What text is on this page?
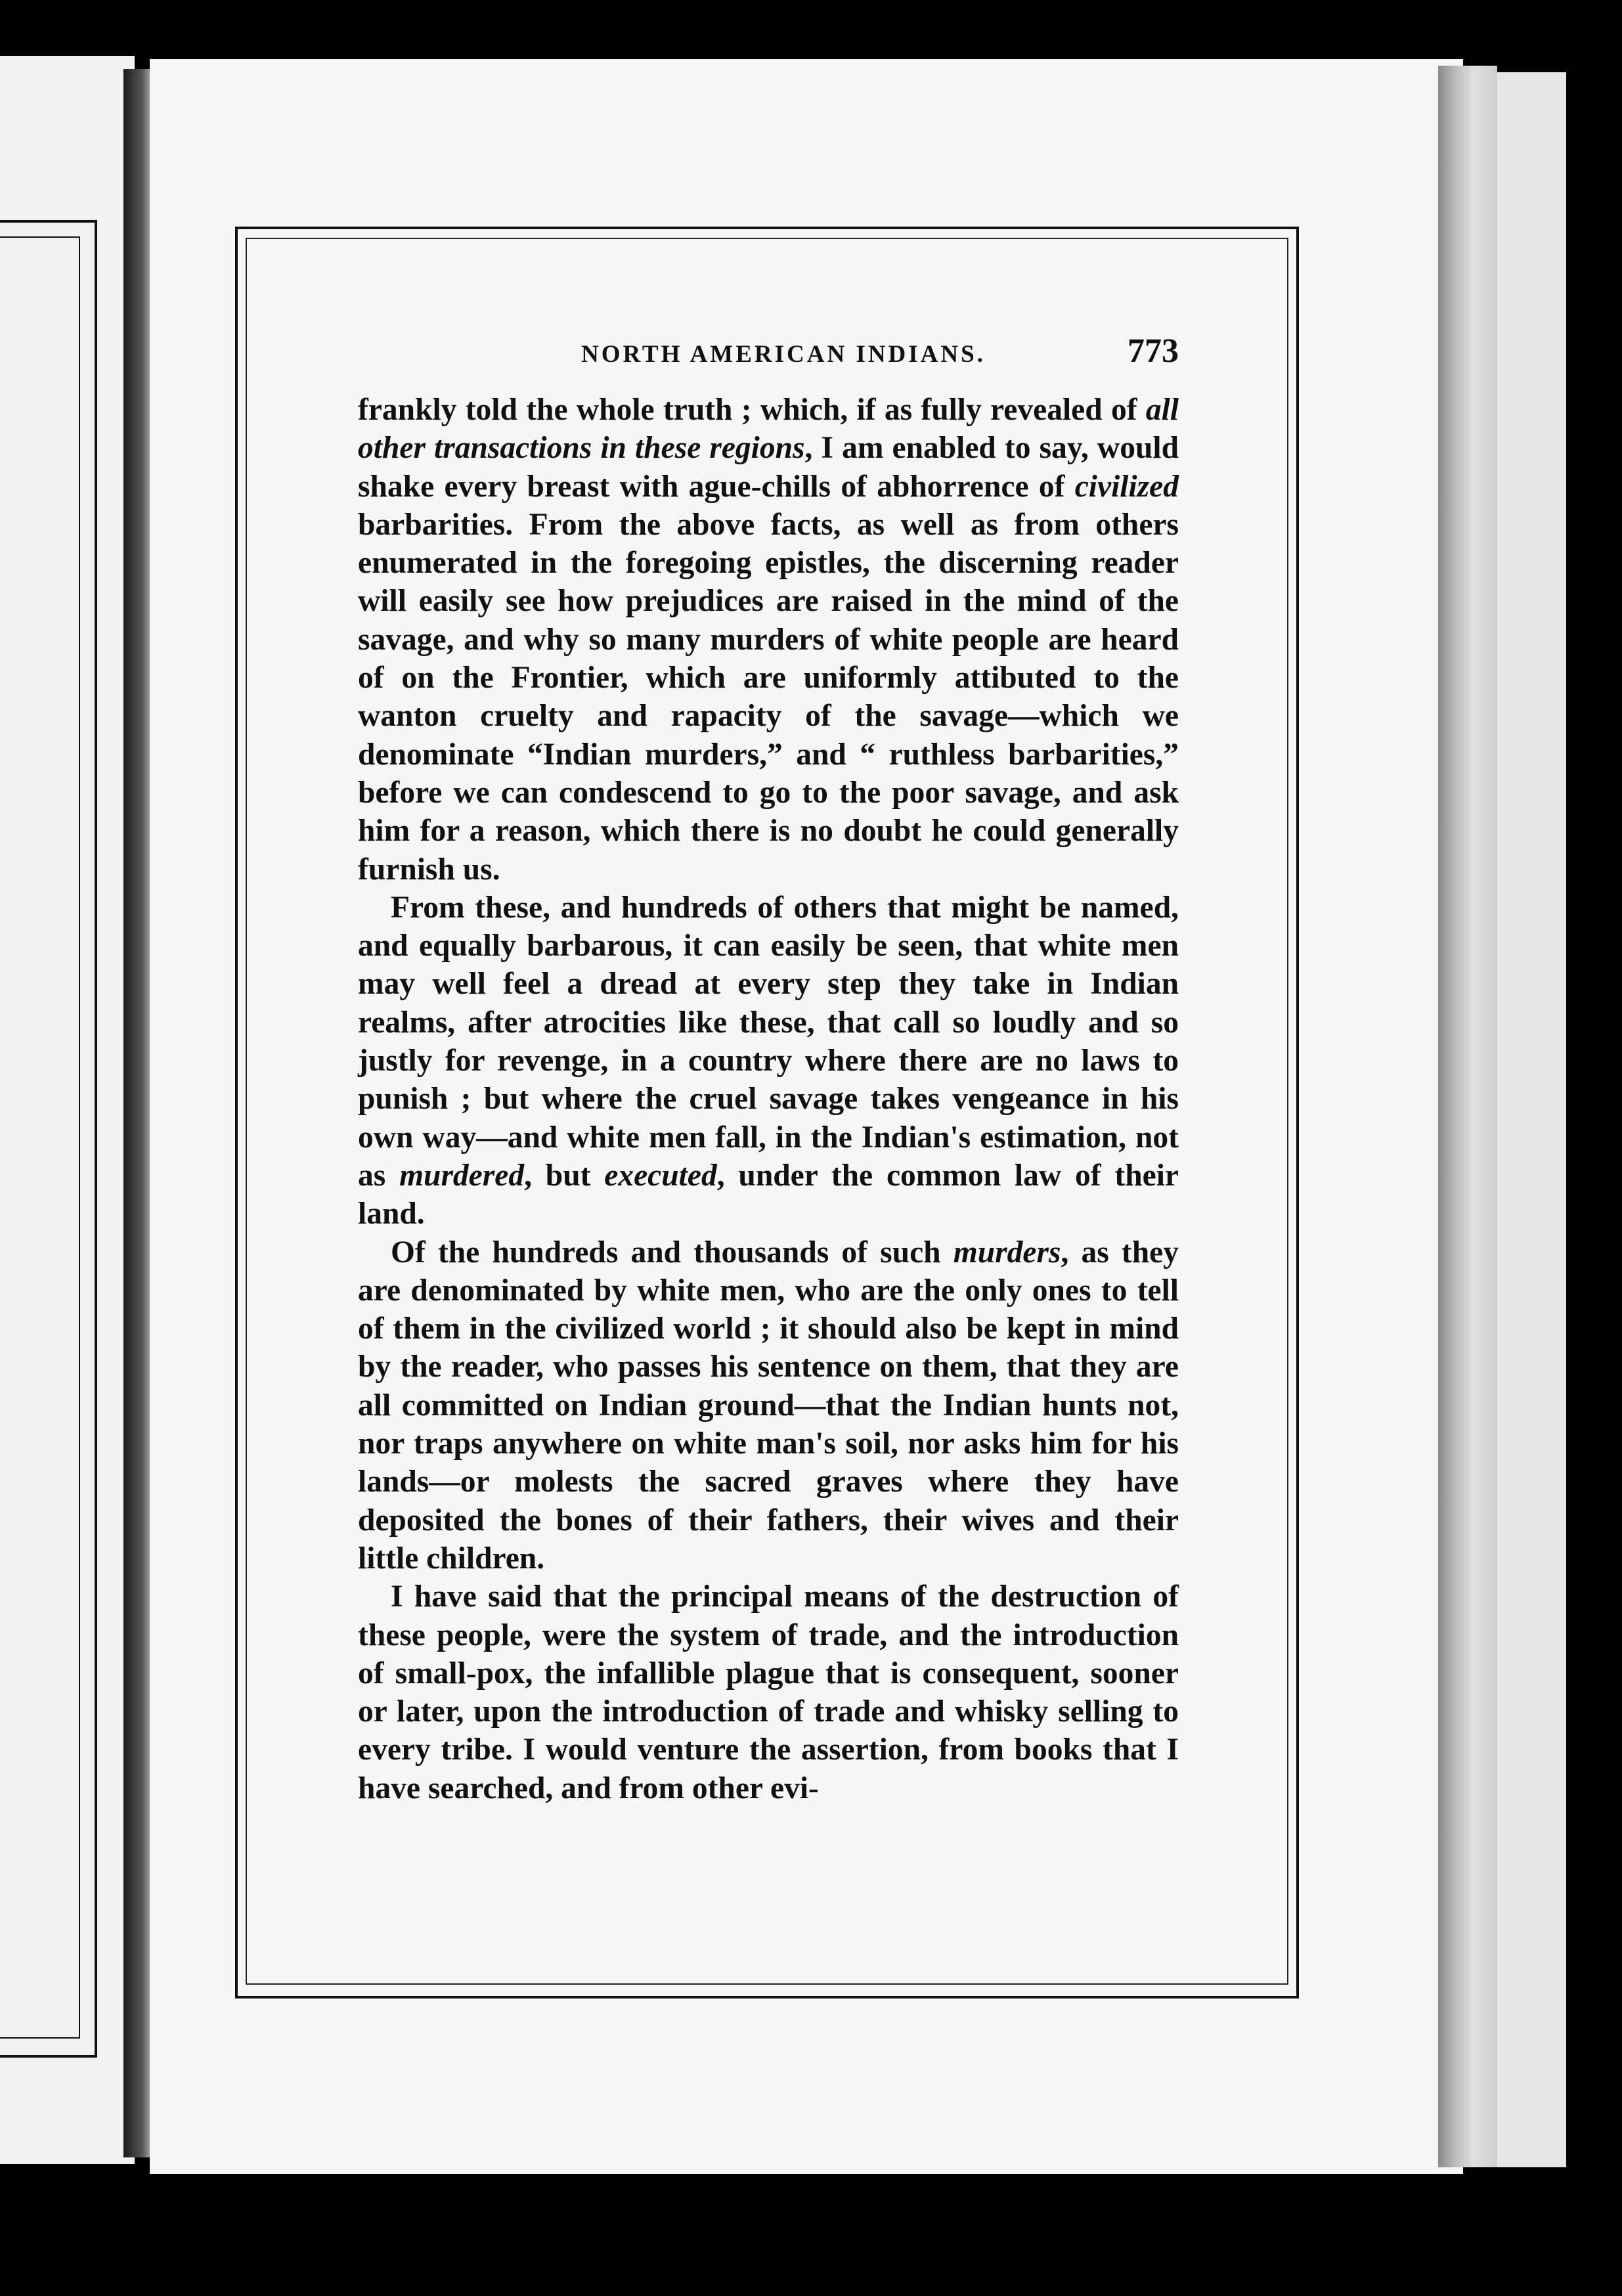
NORTH AMERICAN INDIANS.	773

frankly told the whole truth ; which, if as fully revealed of all other transactions in these regions, I am enabled to say, would shake every breast with ague-chills of abhorrence of civilized barbarities. From the above facts, as well as from others enumerated in the foregoing epistles, the discerning reader will easily see how prejudices are raised in the mind of the savage, and why so many murders of white people are heard of on the Frontier, which are uniformly attibuted to the wanton cruelty and rapacity of the savage—which we denominate “Indian murders,” and “ ruthless barbarities,” before we can condescend to go to the poor savage, and ask him for a reason, which there is no doubt he could generally furnish us.

From these, and hundreds of others that might be named, and equally barbarous, it can easily be seen, that white men may well feel a dread at every step they take in Indian realms, after atrocities like these, that call so loudly and so justly for revenge, in a country where there are no laws to punish ; but where the cruel savage takes vengeance in his own way—and white men fall, in the Indian's estimation, not as murdered, but executed, under the common law of their land.

Of the hundreds and thousands of such murders, as they are denominated by white men, who are the only ones to tell of them in the civilized world ; it should also be kept in mind by the reader, who passes his sentence on them, that they are all committed on Indian ground—that the Indian hunts not, nor traps anywhere on white man's soil, nor asks him for his lands—or molests the sacred graves where they have deposited the bones of their fathers, their wives and their little children.

I have said that the principal means of the destruction of these people, were the system of trade, and the introduction of small-pox, the infallible plague that is consequent, sooner or later, upon the introduction of trade and whisky selling to every tribe. I would venture the assertion, from books that I have searched, and from other evi-
